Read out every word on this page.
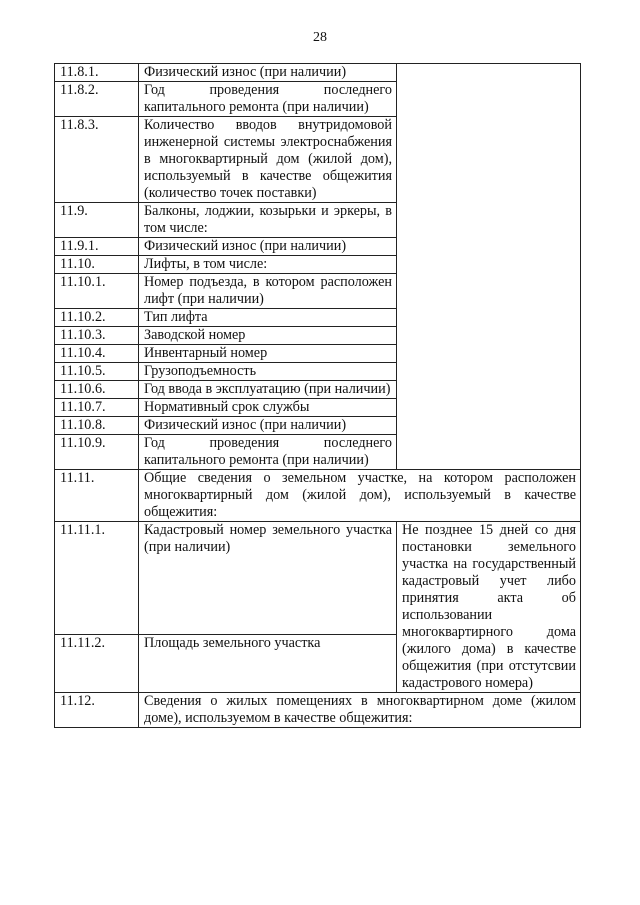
28
11.8.1.	Физический износ (при наличии)	
11.8.2.	Год проведения последнего капитального ремонта (при наличии)	
11.8.3.	Количество вводов внутридомовой инженерной системы электроснабжения в многоквартирный дом (жилой дом), используемый в качестве общежития (количество точек поставки)	
11.9.	Балконы, лоджии, козырьки и эркеры, в том числе:	
11.9.1.	Физический износ (при наличии)	
11.10.	Лифты, в том числе:	
11.10.1.	Номер подъезда, в котором расположен лифт (при наличии)	
11.10.2.	Тип лифта	
11.10.3.	Заводской номер	
11.10.4.	Инвентарный номер	
11.10.5.	Грузоподъемность	
11.10.6.	Год ввода в эксплуатацию (при наличии)	
11.10.7.	Нормативный срок службы	
11.10.8.	Физический износ (при наличии)	
11.10.9.	Год проведения последнего капитального ремонта (при наличии)	
11.11.	Общие сведения о земельном участке, на котором расположен многоквартирный дом (жилой дом), используемый в качестве общежития:	
11.11.1.	Кадастровый номер земельного участка (при наличии)	Не позднее 15 дней со дня постановки земельного участка на государственный кадастровый учет либо принятия акта об использовании многоквартирного дома (жилого дома) в качестве общежития (при отстутсвии кадастрового номера)
11.11.2.	Площадь земельного участка	
11.12.	Сведения о жилых помещениях в многоквартирном доме (жилом доме), используемом в качестве общежития:	
